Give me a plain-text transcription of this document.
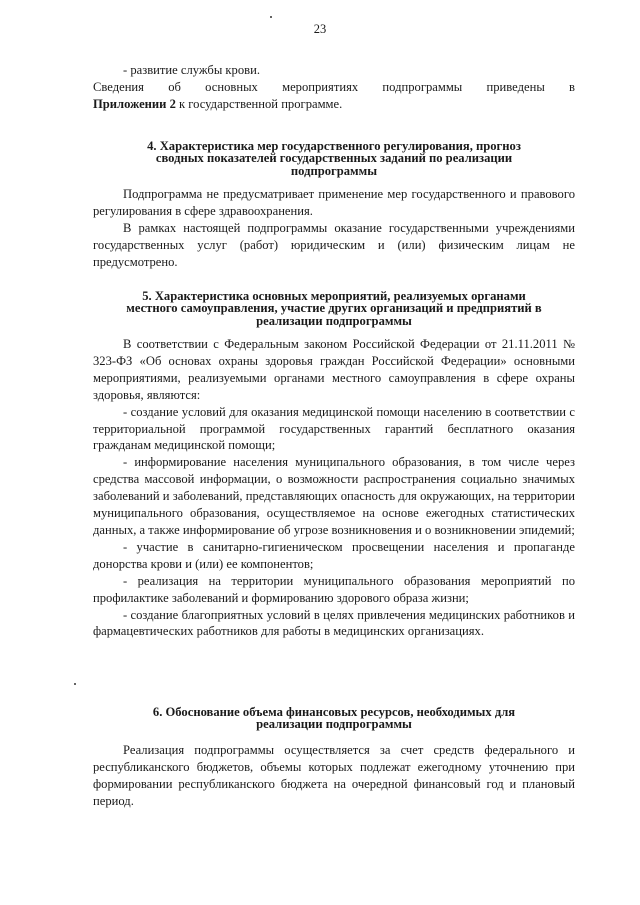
23
- развитие службы крови.
Сведения об основных мероприятиях подпрограммы приведены в
Приложении 2 к государственной программе.
4. Характеристика мер государственного регулирования, прогноз
сводных показателей государственных заданий по реализации
подпрограммы
Подпрограмма не предусматривает применение мер государственного и правового регулирования в сфере здравоохранения.
В рамках настоящей подпрограммы оказание государственными учреждениями государственных услуг (работ) юридическим и (или) физическим лицам не предусмотрено.
5. Характеристика основных мероприятий, реализуемых органами
местного самоуправления, участие других организаций и предприятий в
реализации подпрограммы
В соответствии с Федеральным законом Российской Федерации от 21.11.2011 № 323-ФЗ «Об основах охраны здоровья граждан Российской Федерации» основными мероприятиями, реализуемыми органами местного самоуправления в сфере охраны здоровья, являются:
- создание условий для оказания медицинской помощи населению в соответствии с территориальной программой государственных гарантий бесплатного оказания гражданам медицинской помощи;
- информирование населения муниципального образования, в том числе через средства массовой информации, о возможности распространения социально значимых заболеваний и заболеваний, представляющих опасность для окружающих, на территории муниципального образования, осуществляемое на основе ежегодных статистических данных, а также информирование об угрозе возникновения и о возникновении эпидемий;
- участие в санитарно-гигиеническом просвещении населения и пропаганде донорства крови и (или) ее компонентов;
- реализация на территории муниципального образования мероприятий по профилактике заболеваний и формированию здорового образа жизни;
- создание благоприятных условий в целях привлечения медицинских работников и фармацевтических работников для работы в медицинских организациях.
6. Обоснование объема финансовых ресурсов, необходимых для
реализации подпрограммы
Реализация подпрограммы осуществляется за счет средств федерального и республиканского бюджетов, объемы которых подлежат ежегодному уточнению при формировании республиканского бюджета на очередной финансовый год и плановый период.
